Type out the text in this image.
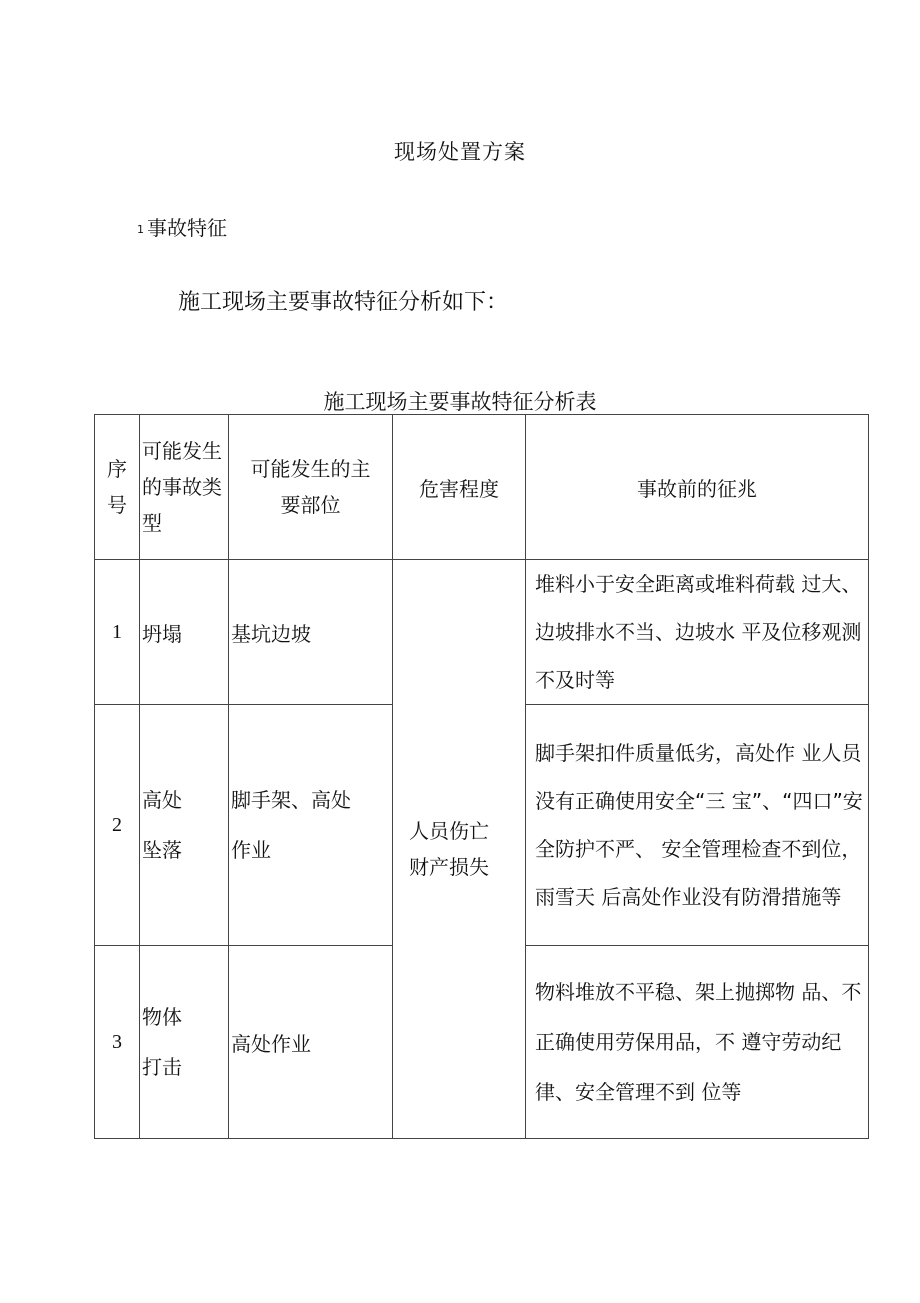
现场处置方案
1 事故特征
施工现场主要事故特征分析如下：
施工现场主要事故特征分析表
序号	可能发生的事故类型	可能发生的主要部位	危害程度	事故前的征兆
1	坍塌	基坑边坡	人员伤亡财产损失	堆料小于安全距离或堆料荷载 过大、边坡排水不当、边坡水 平及位移观测不及时等
2	高处坠落	脚手架、高处作业		脚手架扣件质量低劣，高处作 业人员没有正确使用安全“三 宝”、“四口”安全防护不严、 安全管理检查不到位，雨雪天 后高处作业没有防滑措施等
3	物体打击	高处作业		物料堆放不平稳、架上抛掷物 品、不正确使用劳保用品，不 遵守劳动纪律、安全管理不到 位等
